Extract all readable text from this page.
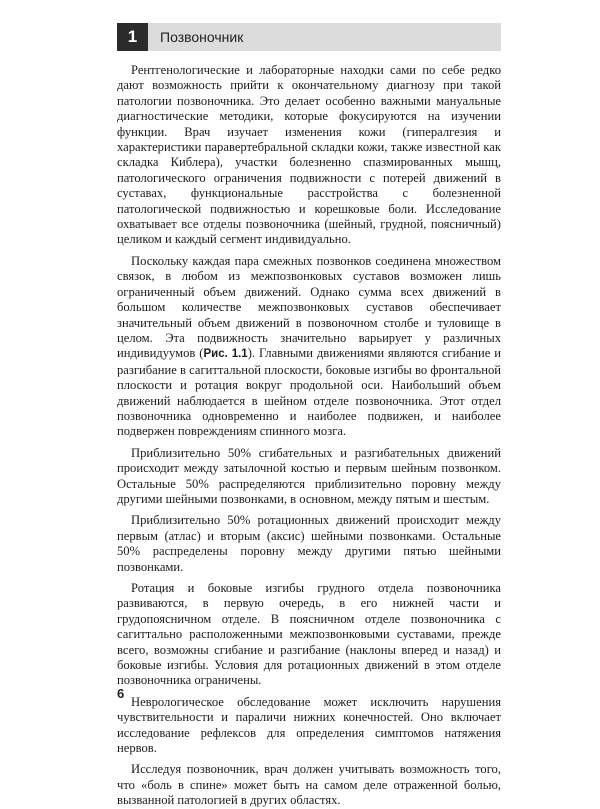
1	Позвоночник

Рентгенологические и лабораторные находки сами по себе редко дают возможность прийти к окончательному диагнозу при такой патологии позвоночника. Это делает особенно важными мануальные диагностические методики, которые фокусируются на изучении функции. Врач изучает изменения кожи (гипералгезия и характеристики паравертебральной складки кожи, также известной как складка Киблера), участки болезненно спазмированных мышц, патологического ограничения подвижности с потерей движений в суставах, функциональные расстройства с болезненной патологической подвижностью и корешковые боли. Исследование охватывает все отделы позвоночника (шейный, грудной, поясничный) целиком и каждый сегмент индивидуально.

Поскольку каждая пара смежных позвонков соединена множеством связок, в любом из межпозвонковых суставов возможен лишь ограниченный объем движений. Однако сумма всех движений в большом количестве межпозвонковых суставов обеспечивает значительный объем движений в позвоночном столбе и туловище в целом. Эта подвижность значительно варьирует у различных индивидуумов (Рис. 1.1). Главными движениями являются сгибание и разгибание в сагиттальной плоскости, боковые изгибы во фронтальной плоскости и ротация вокруг продольной оси. Наибольший объем движений наблюдается в шейном отделе позвоночника. Этот отдел позвоночника одновременно и наиболее подвижен, и наиболее подвержен повреждениям спинного мозга.

Приблизительно 50% сгибательных и разгибательных движений происходит между затылочной костью и первым шейным позвонком. Остальные 50% распределяются приблизительно поровну между другими шейными позвонками, в основном, между пятым и шестым.

Приблизительно 50% ротационных движений происходит между первым (атлас) и вторым (аксис) шейными позвонками. Остальные 50% распределены поровну между другими пятью шейными позвонками.

Ротация и боковые изгибы грудного отдела позвоночника развиваются, в первую очередь, в его нижней части и грудопоясничном отделе. В поясничном отделе позвоночника с сагиттально расположенными межпозвонковыми суставами, прежде всего, возможны сгибание и разгибание (наклоны вперед и назад) и боковые изгибы. Условия для ротационных движений в этом отделе позвоночника ограничены.

Неврологическое обследование может исключить нарушения чувствительности и параличи нижних конечностей. Оно включает исследование рефлексов для определения симптомов натяжения нервов.

Исследуя позвоночник, врач должен учитывать возможность того, что «боль в спине» может быть на самом деле отраженной болью, вызванной патологией в других областях.

6
